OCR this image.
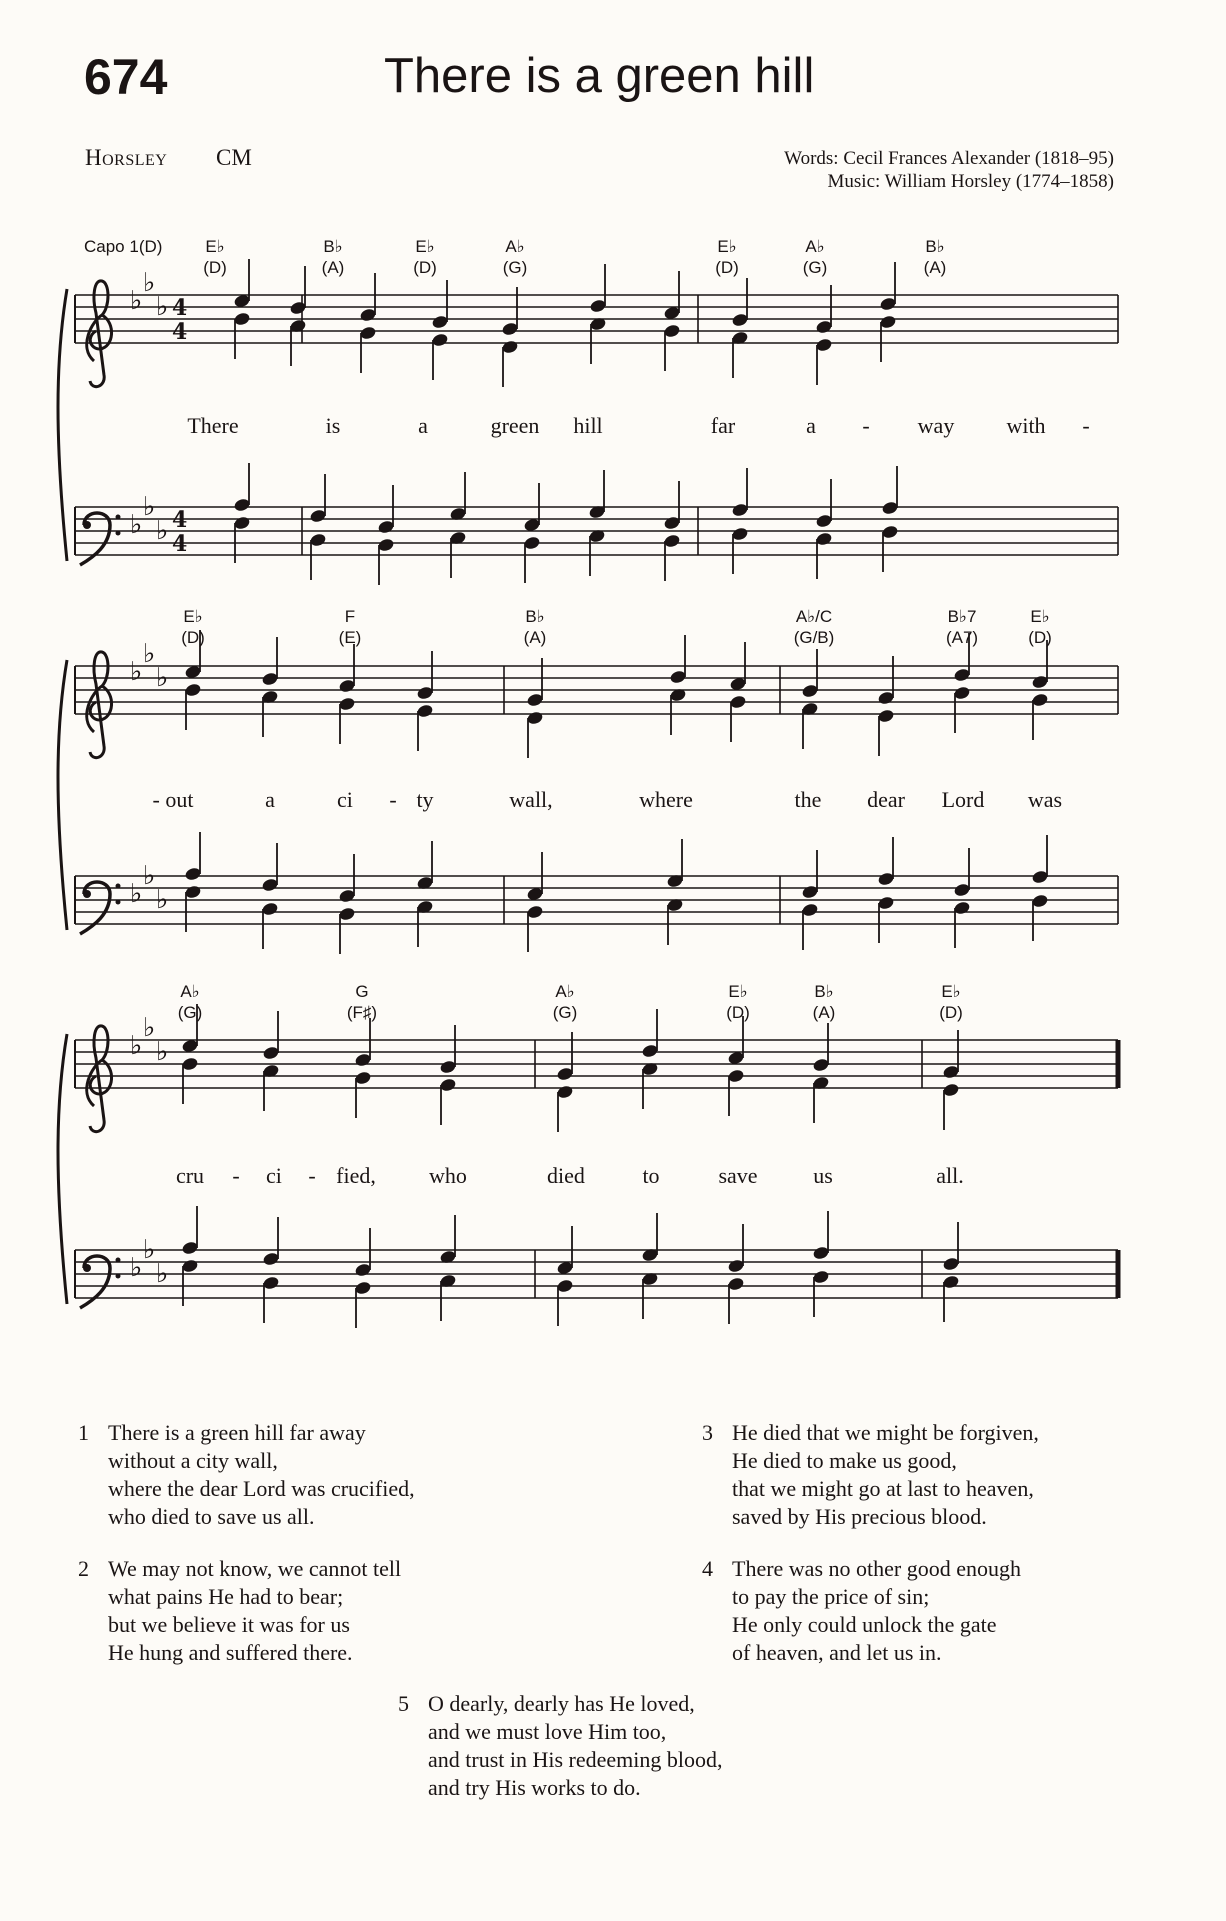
674	There is a green hill
Horsley CM	Words: Cecil Frances Alexander (1818–95)
Music: William Horsley (1774–1858)
♭
♭
♭ 4
4
♭
♭
♭ 4
4
♭
♭
♭
♭
♭
♭
♭
♭
♭
♭
♭
♭
E♭
(D)
B♭
(A)
E♭
(D)
A♭
(G)
E♭
(D)
A♭
(G)
B♭
(A)
E♭
(D)
F
(E)
B♭
(A)
A♭/C
(G/B)
B♭7
(A7)
E♭
(D)
A♭
(G)
G
(F♯)
A♭
(G)
E♭
(D)
B♭
(A)
E♭
(D)
Capo 1(D)
There	is	a	green	hill	far	a	-	way	with	-
- out	a	ci	- ty	wall,	where	the	dear	Lord	was
cru	-	ci	- fied,	who	died	to	save	us	all.
1 There is a green hill far away
without a city wall,
where the dear Lord was crucified,
who died to save us all.
2 We may not know, we cannot tell
what pains He had to bear;
but we believe it was for us
He hung and suffered there.
3 He died that we might be forgiven,
He died to make us good,
that we might go at last to heaven,
saved by His precious blood.
4 There was no other good enough
to pay the price of sin;
He only could unlock the gate
of heaven, and let us in.
5 O dearly, dearly has He loved,
and we must love Him too,
and trust in His redeeming blood,
and try His works to do.
